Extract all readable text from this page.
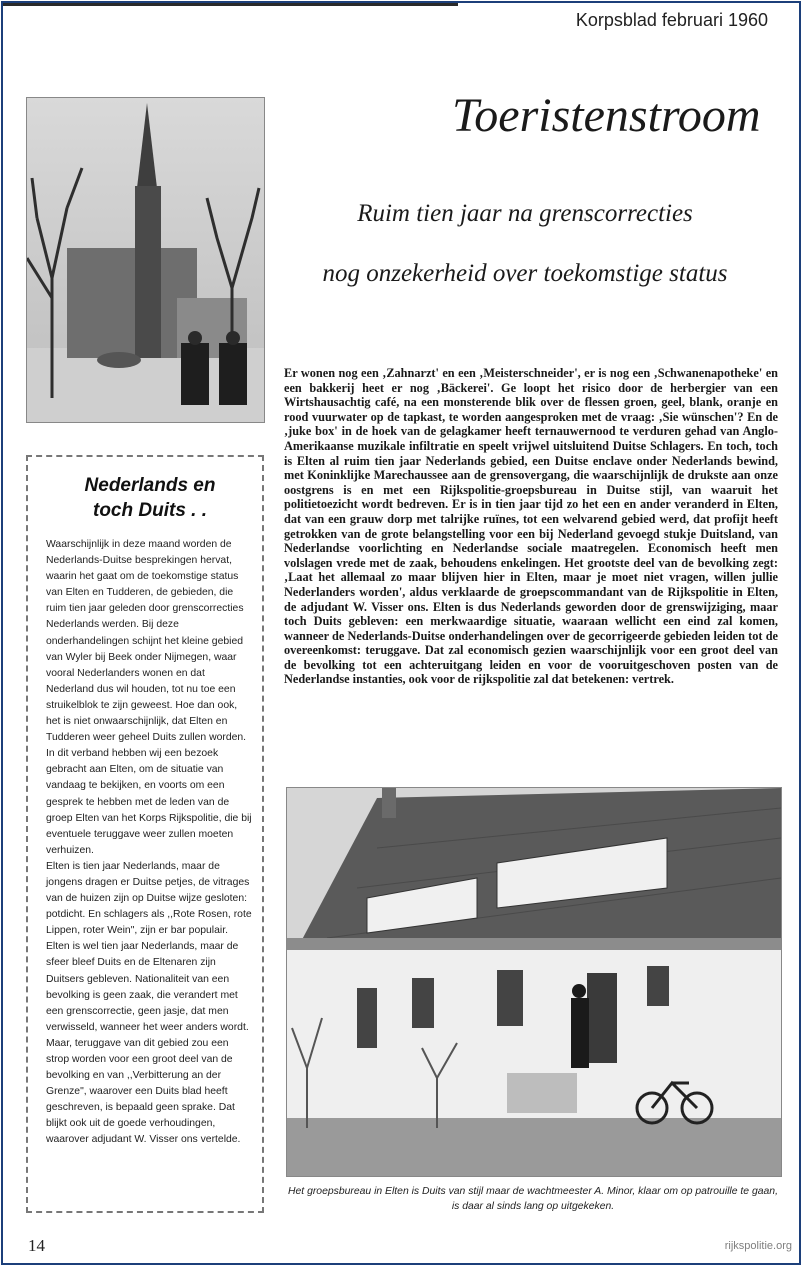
Korpsblad februari 1960
Toeristenstroom
Ruim tien jaar na grenscorrecties
nog onzekerheid over toekomstige status
Nederlands en
toch Duits . .

Waarschijnlijk in deze maand worden de Nederlands-Duitse besprekingen hervat, waarin het gaat om de toekomstige status van Elten en Tudderen, de gebieden, die ruim tien jaar geleden door grenscorrecties Nederlands werden. Bij deze onderhandelingen schijnt het kleine gebied van Wyler bij Beek onder Nijmegen, waar vooral Nederlanders wonen en dat Nederland dus wil houden, tot nu toe een struikelblok te zijn geweest. Hoe dan ook, het is niet onwaarschijnlijk, dat Elten en Tudderen weer geheel Duits zullen worden. In dit verband hebben wij een bezoek gebracht aan Elten, om de situatie van vandaag te bekijken, en voorts om een gesprek te hebben met de leden van de groep Elten van het Korps Rijkspolitie, die bij eventuele teruggave weer zullen moeten verhuizen.

Elten is tien jaar Nederlands, maar de jongens dragen er Duitse petjes, de vitrages van de huizen zijn op Duitse wijze gesloten: potdicht. En schlagers als ,,Rote Rosen, rote Lippen, roter Wein", zijn er bar populair. Elten is wel tien jaar Nederlands, maar de sfeer bleef Duits en de Eltenaren zijn Duitsers gebleven. Nationaliteit van een bevolking is geen zaak, die verandert met een grenscorrectie, geen jasje, dat men verwisseld, wanneer het weer anders wordt. Maar, teruggave van dit gebied zou een strop worden voor een groot deel van de bevolking en van ,,Verbitterung an der Grenze", waarover een Duits blad heeft geschreven, is bepaald geen sprake. Dat blijkt ook uit de goede verhoudingen, waarover adjudant W. Visser ons vertelde.

Er wonen nog een ‚Zahnarzt' en een ‚Meisterschneider', er is nog een ‚Schwanenapotheke' en een bakkerij heet er nog ‚Bäckerei'. Ge loopt het risico door de herbergier van een Wirtshausachtig café, na een monsterende blik over de flessen groen, geel, blank, oranje en rood vuurwater op de tapkast, te worden aangesproken met de vraag: ‚Sie wünschen'? En de ‚juke box' in de hoek van de gelagkamer heeft ternauwernood te verduren gehad van Anglo-Amerikaanse muzikale infiltratie en speelt vrijwel uitsluitend Duitse Schlagers. En toch, toch is Elten al ruim tien jaar Nederlands gebied, een Duitse enclave onder Nederlands bewind, met Koninklijke Marechaussee aan de grensovergang, die waarschijnlijk de drukste aan onze oostgrens is en met een Rijkspolitie-groepsbureau in Duitse stijl, van waaruit het politietoezicht wordt bedreven. Er is in tien jaar tijd zo het een en ander veranderd in Elten, dat van een grauw dorp met talrijke ruïnes, tot een welvarend gebied werd, dat profijt heeft getrokken van de grote belangstelling voor een bij Nederland gevoegd stukje Duitsland, van Nederlandse voorlichting en Nederlandse sociale maatregelen. Economisch heeft men volslagen vrede met de zaak, behoudens enkelingen. Het grootste deel van de bevolking zegt: ‚Laat het allemaal zo maar blijven hier in Elten, maar je moet niet vragen, willen jullie Nederlanders worden', aldus verklaarde de groepscommandant van de Rijkspolitie in Elten, de adjudant W. Visser ons. Elten is dus Nederlands geworden door de grenswijziging, maar toch Duits gebleven: een merkwaardige situatie, waaraan wellicht een eind zal komen, wanneer de Nederlands-Duitse onderhandelingen over de gecorrigeerde gebieden leiden tot de overeenkomst: teruggave. Dat zal economisch gezien waarschijnlijk voor een groot deel van de bevolking tot een achteruitgang leiden en voor de vooruitgeschoven posten van de Nederlandse instanties, ook voor de rijkspolitie zal dat betekenen: vertrek.
Het groepsbureau in Elten is Duits van stijl maar de wachtmeester A. Minor, klaar om op patrouille te gaan, is daar al sinds lang op uitgekeken.
14	rijkspolitie.org
